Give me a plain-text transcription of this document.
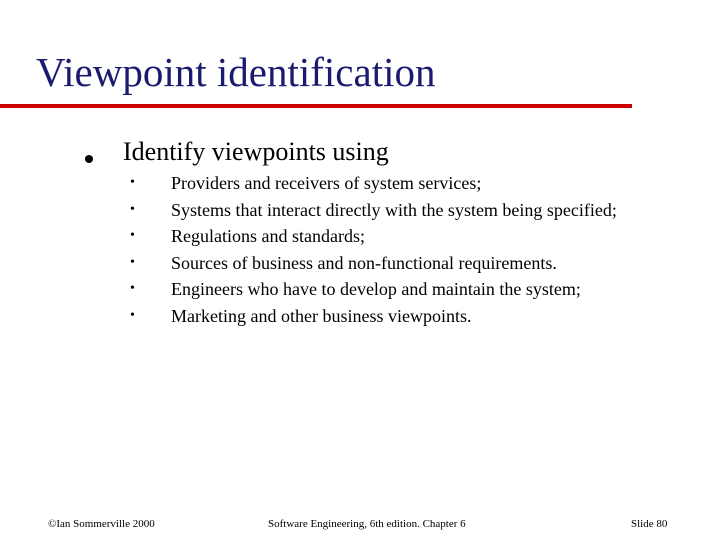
Viewpoint identification
Identify viewpoints using
• Providers and receivers of system services;
• Systems that interact directly with the system being specified;
• Regulations and standards;
• Sources of business and non-functional requirements.
• Engineers who have to develop and maintain the system;
• Marketing and other business viewpoints.
©Ian Sommerville 2000	Software Engineering, 6th edition. Chapter 6	Slide 80
